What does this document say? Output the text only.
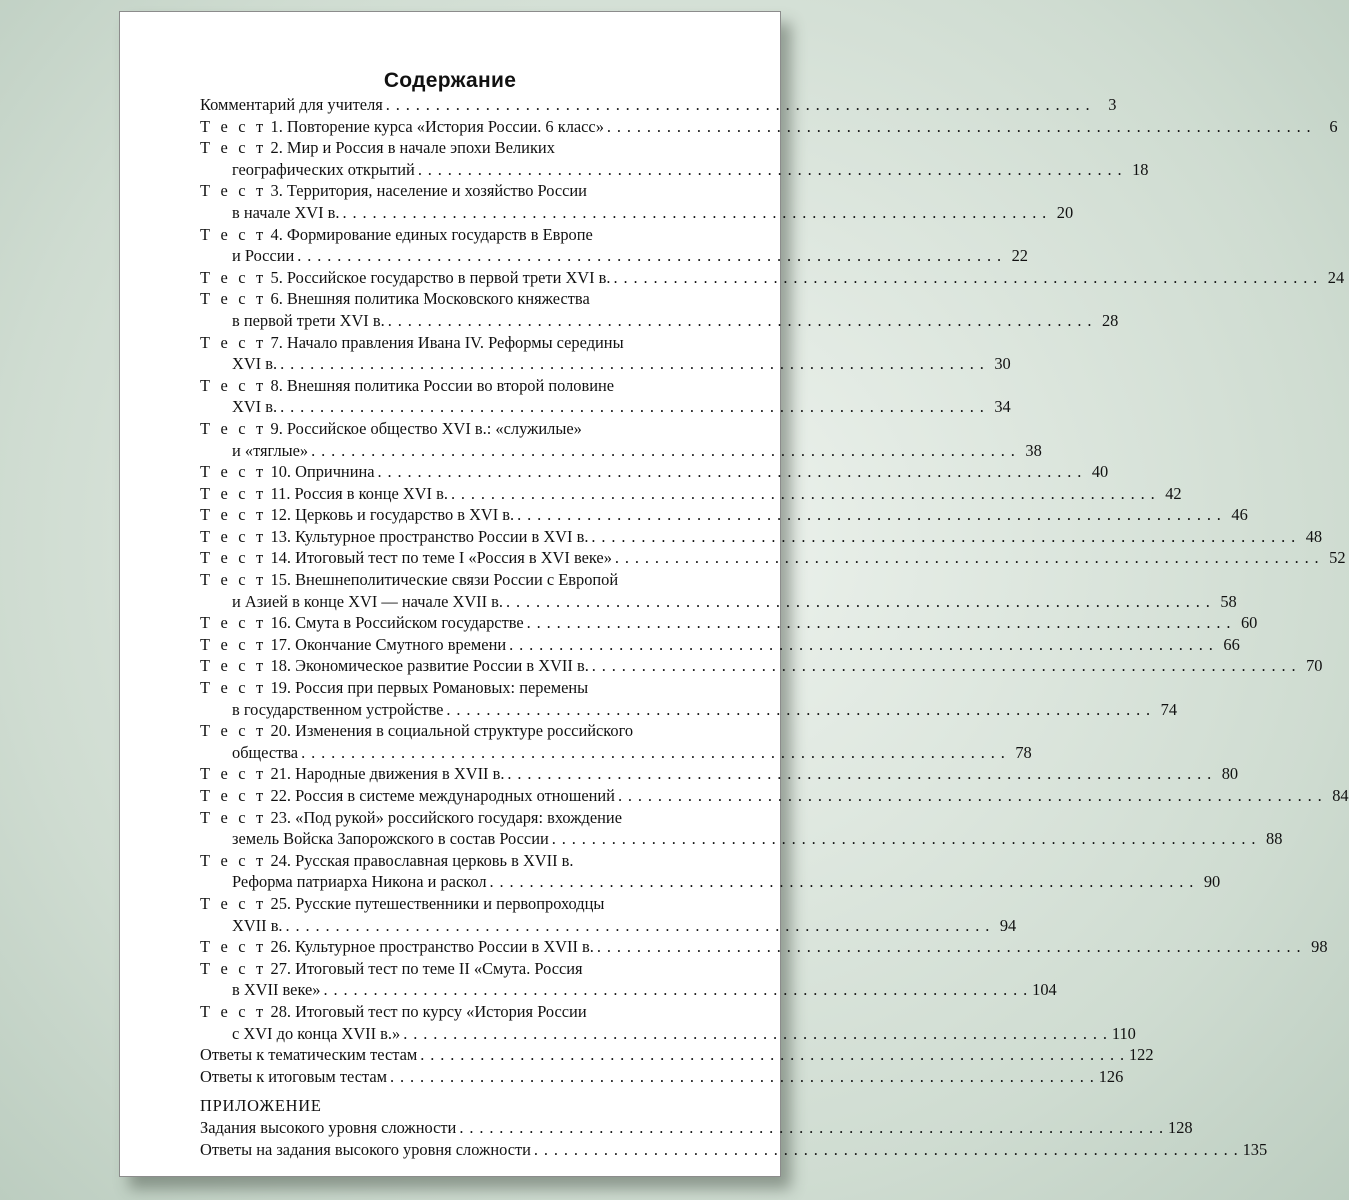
Содержание
Комментарий для учителя . . . . . . . . . . . . . . . . . . . . . . . . . . . . . . . . . . . . . . . . . . . . . . . . . . . . . . . . . . . . . . . . . . . . . . .	3
Т е с т 1. Повторение курса «История России. 6 класс» . . . . . . . . . . . . . . . . . . . . . . . . . . . . . . . . . . . . . . . . . . . . . . . . . . . . . . . . . . . . . . . . . . . . . . .	6
Т е с т 2. Мир и Россия в начале эпохи Великих
географических открытий . . . . . . . . . . . . . . . . . . . . . . . . . . . . . . . . . . . . . . . . . . . . . . . . . . . . . . . . . . . . . . . . . . . . . . . 18
Т е с т 3. Территория, население и хозяйство России
в начале XVI в. . . . . . . . . . . . . . . . . . . . . . . . . . . . . . . . . . . . . . . . . . . . . . . . . . . . . . . . . . . . . . . . . . . . . . . . 20
Т е с т 4. Формирование единых государств в Европе
и России . . . . . . . . . . . . . . . . . . . . . . . . . . . . . . . . . . . . . . . . . . . . . . . . . . . . . . . . . . . . . . . . . . . . . . . 22
Т е с т 5. Российское государство в первой трети XVI в. . . . . . . . . . . . . . . . . . . . . . . . . . . . . . . . . . . . . . . . . . . . . . . . . . . . . . . . . . . . . . . . . . . . . . . . 24
Т е с т 6. Внешняя политика Московского княжества
в первой трети XVI в. . . . . . . . . . . . . . . . . . . . . . . . . . . . . . . . . . . . . . . . . . . . . . . . . . . . . . . . . . . . . . . . . . . . . . . . 28
Т е с т 7. Начало правления Ивана IV. Реформы середины
XVI в. . . . . . . . . . . . . . . . . . . . . . . . . . . . . . . . . . . . . . . . . . . . . . . . . . . . . . . . . . . . . . . . . . . . . . . . 30
Т е с т 8. Внешняя политика России во второй половине
XVI в. . . . . . . . . . . . . . . . . . . . . . . . . . . . . . . . . . . . . . . . . . . . . . . . . . . . . . . . . . . . . . . . . . . . . . . . 34
Т е с т 9. Российское общество XVI в.: «служилые»
и «тяглые» . . . . . . . . . . . . . . . . . . . . . . . . . . . . . . . . . . . . . . . . . . . . . . . . . . . . . . . . . . . . . . . . . . . . . . . 38
Т е с т 10. Опричнина . . . . . . . . . . . . . . . . . . . . . . . . . . . . . . . . . . . . . . . . . . . . . . . . . . . . . . . . . . . . . . . . . . . . . . . 40
Т е с т 11. Россия в конце XVI в. . . . . . . . . . . . . . . . . . . . . . . . . . . . . . . . . . . . . . . . . . . . . . . . . . . . . . . . . . . . . . . . . . . . . . . . 42
Т е с т 12. Церковь и государство в XVI в. . . . . . . . . . . . . . . . . . . . . . . . . . . . . . . . . . . . . . . . . . . . . . . . . . . . . . . . . . . . . . . . . . . . . . . . 46
Т е с т 13. Культурное пространство России в XVI в. . . . . . . . . . . . . . . . . . . . . . . . . . . . . . . . . . . . . . . . . . . . . . . . . . . . . . . . . . . . . . . . . . . . . . . . 48
Т е с т 14. Итоговый тест по теме I «Россия в XVI веке» . . . . . . . . . . . . . . . . . . . . . . . . . . . . . . . . . . . . . . . . . . . . . . . . . . . . . . . . . . . . . . . . . . . . . . . 52
Т е с т 15. Внешнеполитические связи России с Европой
и Азией в конце XVI — начале XVII в. . . . . . . . . . . . . . . . . . . . . . . . . . . . . . . . . . . . . . . . . . . . . . . . . . . . . . . . . . . . . . . . . . . . . . . . 58
Т е с т 16. Смута в Российском государстве . . . . . . . . . . . . . . . . . . . . . . . . . . . . . . . . . . . . . . . . . . . . . . . . . . . . . . . . . . . . . . . . . . . . . . . 60
Т е с т 17. Окончание Смутного времени . . . . . . . . . . . . . . . . . . . . . . . . . . . . . . . . . . . . . . . . . . . . . . . . . . . . . . . . . . . . . . . . . . . . . . . 66
Т е с т 18. Экономическое развитие России в XVII в. . . . . . . . . . . . . . . . . . . . . . . . . . . . . . . . . . . . . . . . . . . . . . . . . . . . . . . . . . . . . . . . . . . . . . . . 70
Т е с т 19. Россия при первых Романовых: перемены
в государственном устройстве . . . . . . . . . . . . . . . . . . . . . . . . . . . . . . . . . . . . . . . . . . . . . . . . . . . . . . . . . . . . . . . . . . . . . . . 74
Т е с т 20. Изменения в социальной структуре российского
общества . . . . . . . . . . . . . . . . . . . . . . . . . . . . . . . . . . . . . . . . . . . . . . . . . . . . . . . . . . . . . . . . . . . . . . . 78
Т е с т 21. Народные движения в XVII в. . . . . . . . . . . . . . . . . . . . . . . . . . . . . . . . . . . . . . . . . . . . . . . . . . . . . . . . . . . . . . . . . . . . . . . . 80
Т е с т 22. Россия в системе международных отношений . . . . . . . . . . . . . . . . . . . . . . . . . . . . . . . . . . . . . . . . . . . . . . . . . . . . . . . . . . . . . . . . . . . . . . . 84
Т е с т 23. «Под рукой» российского государя: вхождение
земель Войска Запорожского в состав России . . . . . . . . . . . . . . . . . . . . . . . . . . . . . . . . . . . . . . . . . . . . . . . . . . . . . . . . . . . . . . . . . . . . . . . 88
Т е с т 24. Русская православная церковь в XVII в.
Реформа патриарха Никона и раскол . . . . . . . . . . . . . . . . . . . . . . . . . . . . . . . . . . . . . . . . . . . . . . . . . . . . . . . . . . . . . . . . . . . . . . . 90
Т е с т 25. Русские путешественники и первопроходцы
XVII в. . . . . . . . . . . . . . . . . . . . . . . . . . . . . . . . . . . . . . . . . . . . . . . . . . . . . . . . . . . . . . . . . . . . . . . . 94
Т е с т 26. Культурное пространство России в XVII в. . . . . . . . . . . . . . . . . . . . . . . . . . . . . . . . . . . . . . . . . . . . . . . . . . . . . . . . . . . . . . . . . . . . . . . . 98
Т е с т 27. Итоговый тест по теме II «Смута. Россия
в XVII веке» . . . . . . . . . . . . . . . . . . . . . . . . . . . . . . . . . . . . . . . . . . . . . . . . . . . . . . . . . . . . . . . . . . . . . . . 104
Т е с т 28. Итоговый тест по курсу «История России
с XVI до конца XVII в.» . . . . . . . . . . . . . . . . . . . . . . . . . . . . . . . . . . . . . . . . . . . . . . . . . . . . . . . . . . . . . . . . . . . . . . . 110
Ответы к тематическим тестам . . . . . . . . . . . . . . . . . . . . . . . . . . . . . . . . . . . . . . . . . . . . . . . . . . . . . . . . . . . . . . . . . . . . . . . 122
Ответы к итоговым тестам . . . . . . . . . . . . . . . . . . . . . . . . . . . . . . . . . . . . . . . . . . . . . . . . . . . . . . . . . . . . . . . . . . . . . . . 126
ПРИЛОЖЕНИЕ
Задания высокого уровня сложности . . . . . . . . . . . . . . . . . . . . . . . . . . . . . . . . . . . . . . . . . . . . . . . . . . . . . . . . . . . . . . . . . . . . . . . 128
Ответы на задания высокого уровня сложности . . . . . . . . . . . . . . . . . . . . . . . . . . . . . . . . . . . . . . . . . . . . . . . . . . . . . . . . . . . . . . . . . . . . . . . 135
